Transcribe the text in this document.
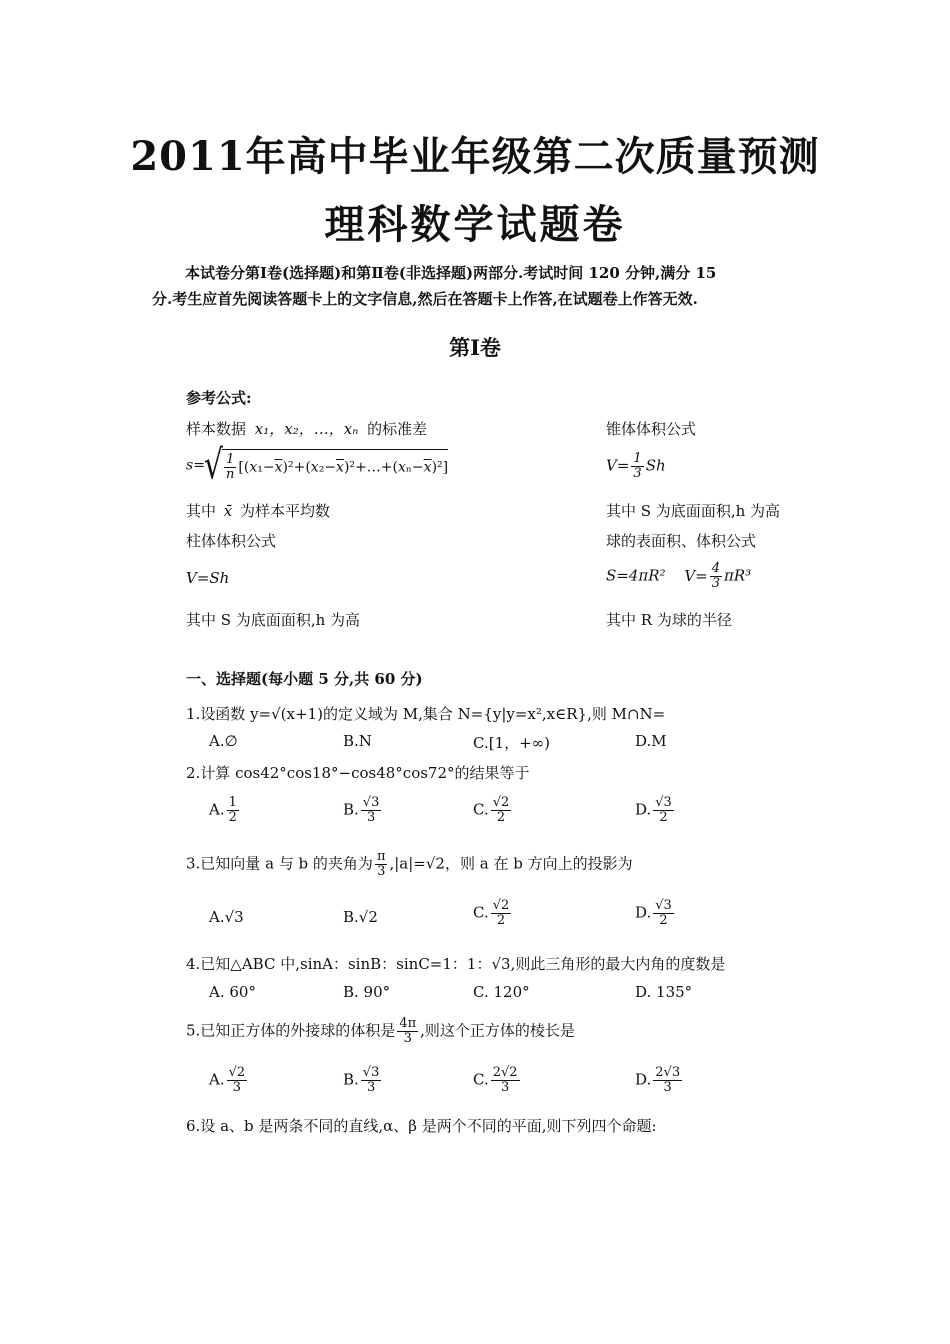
2011年高中毕业年级第二次质量预测
理科数学试题卷
本试卷分第Ⅰ卷(选择题)和第Ⅱ卷(非选择题)两部分.考试时间 120 分钟,满分 15
分.考生应首先阅读答题卡上的文字信息,然后在答题卡上作答,在试题卷上作答无效.
第Ⅰ卷
参考公式:
样本数据 x₁，x₂，…，xₙ 的标准差
$s=√ \frac{1}{n}$ $[(x_1-\overline{x})^2+(x_2-\overline{x})^2+\dots+(x_n-\overline{x})^2]$
其中 x̄ 为样本平均数
柱体体积公式
V=Sh
其中 S 为底面面积,h 为高
锥体体积公式
$V= \frac{1}{3}$ Sh
其中 S 为底面面积,h 为高
球的表面积、体积公式
S=4πR² $V= \frac{4}{3} \pi R^3$
其中 R 为球的半径
一、选择题(每小题 5 分,共 60 分)
1.设函数 y=√(x+1)的定义域为 M,集合 N={y|y=x²,x∈R},则 M∩N=
A.∅	B.N	C.[1，+∞)	D.M
2.计算 cos42°cos18°−cos48°cos72°的结果等于
A. $\frac{1}{2}$	B. $\frac{√3}{3}$	C. $\frac{√2}{2}$	D. $\frac{√3}{2}$
3.已知向量 a 与 b 的夹角为 $\frac{\pi}{3} ,|a|=√2$，则 a 在 b 方向上的投影为
A.√3	B.√2	C. $\frac{√2}{2}$	D. $\frac{√3}{2}$
4.已知△ABC 中,sinA：sinB：sinC=1：1：√3,则此三角形的最大内角的度数是
A. 60°	B. 90°	C. 120°	D. 135°
5.已知正方体的外接球的体积是 $\frac{4\pi}{3}$ ,则这个正方体的棱长是
A. $\frac{√2}{3}$	B. $\frac{√3}{3}$	C. $\frac{2√2}{3}$	D. $\frac{2√3}{3}$
6.设 a、b 是两条不同的直线,α、β 是两个不同的平面,则下列四个命题:
